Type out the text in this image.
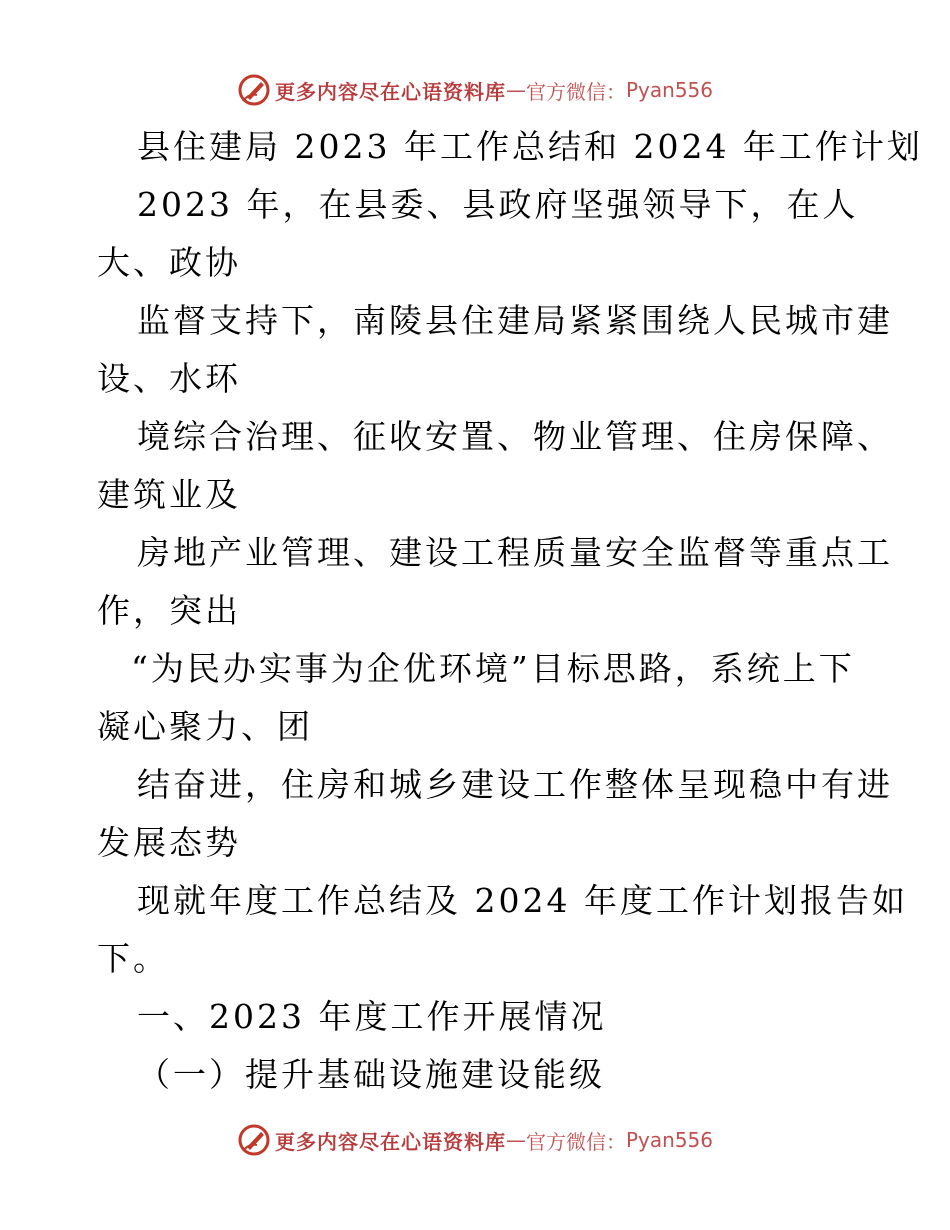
更多内容尽在心语资料库 — 官方微信： Pyan556
县住建局 2023 年工作总结和 2024 年工作计划
2023 年，在县委、县政府坚强领导下，在人
大、政协
监督支持下，南陵县住建局紧紧围绕人民城市建
设、水环
境综合治理、征收安置、物业管理、住房保障、
建筑业及
房地产业管理、建设工程质量安全监督等重点工
作，突出
“为民办实事为企优环境”目标思路，系统上下
凝心聚力、团
结奋进，住房和城乡建设工作整体呈现稳中有进
发展态势
现就年度工作总结及 2024 年度工作计划报告如
下。
一、2023 年度工作开展情况
（一）提升基础设施建设能级
更多内容尽在心语资料库 — 官方微信： Pyan556
